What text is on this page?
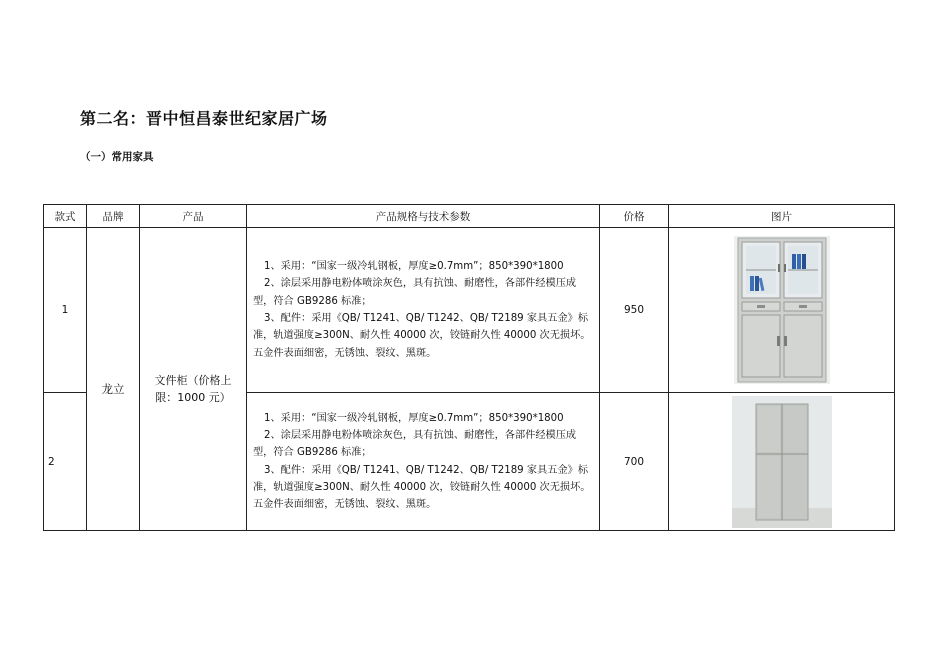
第二名：晋中恒昌泰世纪家居广场
（一）常用家具
款式	品牌	产品	产品规格与技术参数	价格	图片
1	龙立	文件柜（价格上限：1000 元）	1、采用：“国家一级冷轧钢板，厚度≥0.7mm”；850*390*1800

2、涂层采用静电粉体喷涂灰色，具有抗蚀、耐磨性，各部件经模压成型，符合 GB9286 标准；

3、配件：采用《QB/ T1241、QB/ T1242、QB/ T2189 家具五金》标准，轨道强度≥300N、耐久性 40000 次，铰链耐久性 40000 次无损坏。五金件表面细密，无锈蚀、裂纹、黑斑。	950	

2			1、采用：“国家一级冷轧钢板，厚度≥0.7mm”；850*390*1800

2、涂层采用静电粉体喷涂灰色，具有抗蚀、耐磨性，各部件经模压成型，符合 GB9286 标准；

3、配件：采用《QB/ T1241、QB/ T1242、QB/ T2189 家具五金》标准，轨道强度≥300N、耐久性 40000 次，铰链耐久性 40000 次无损坏。五金件表面细密，无锈蚀、裂纹、黑斑。	700	
